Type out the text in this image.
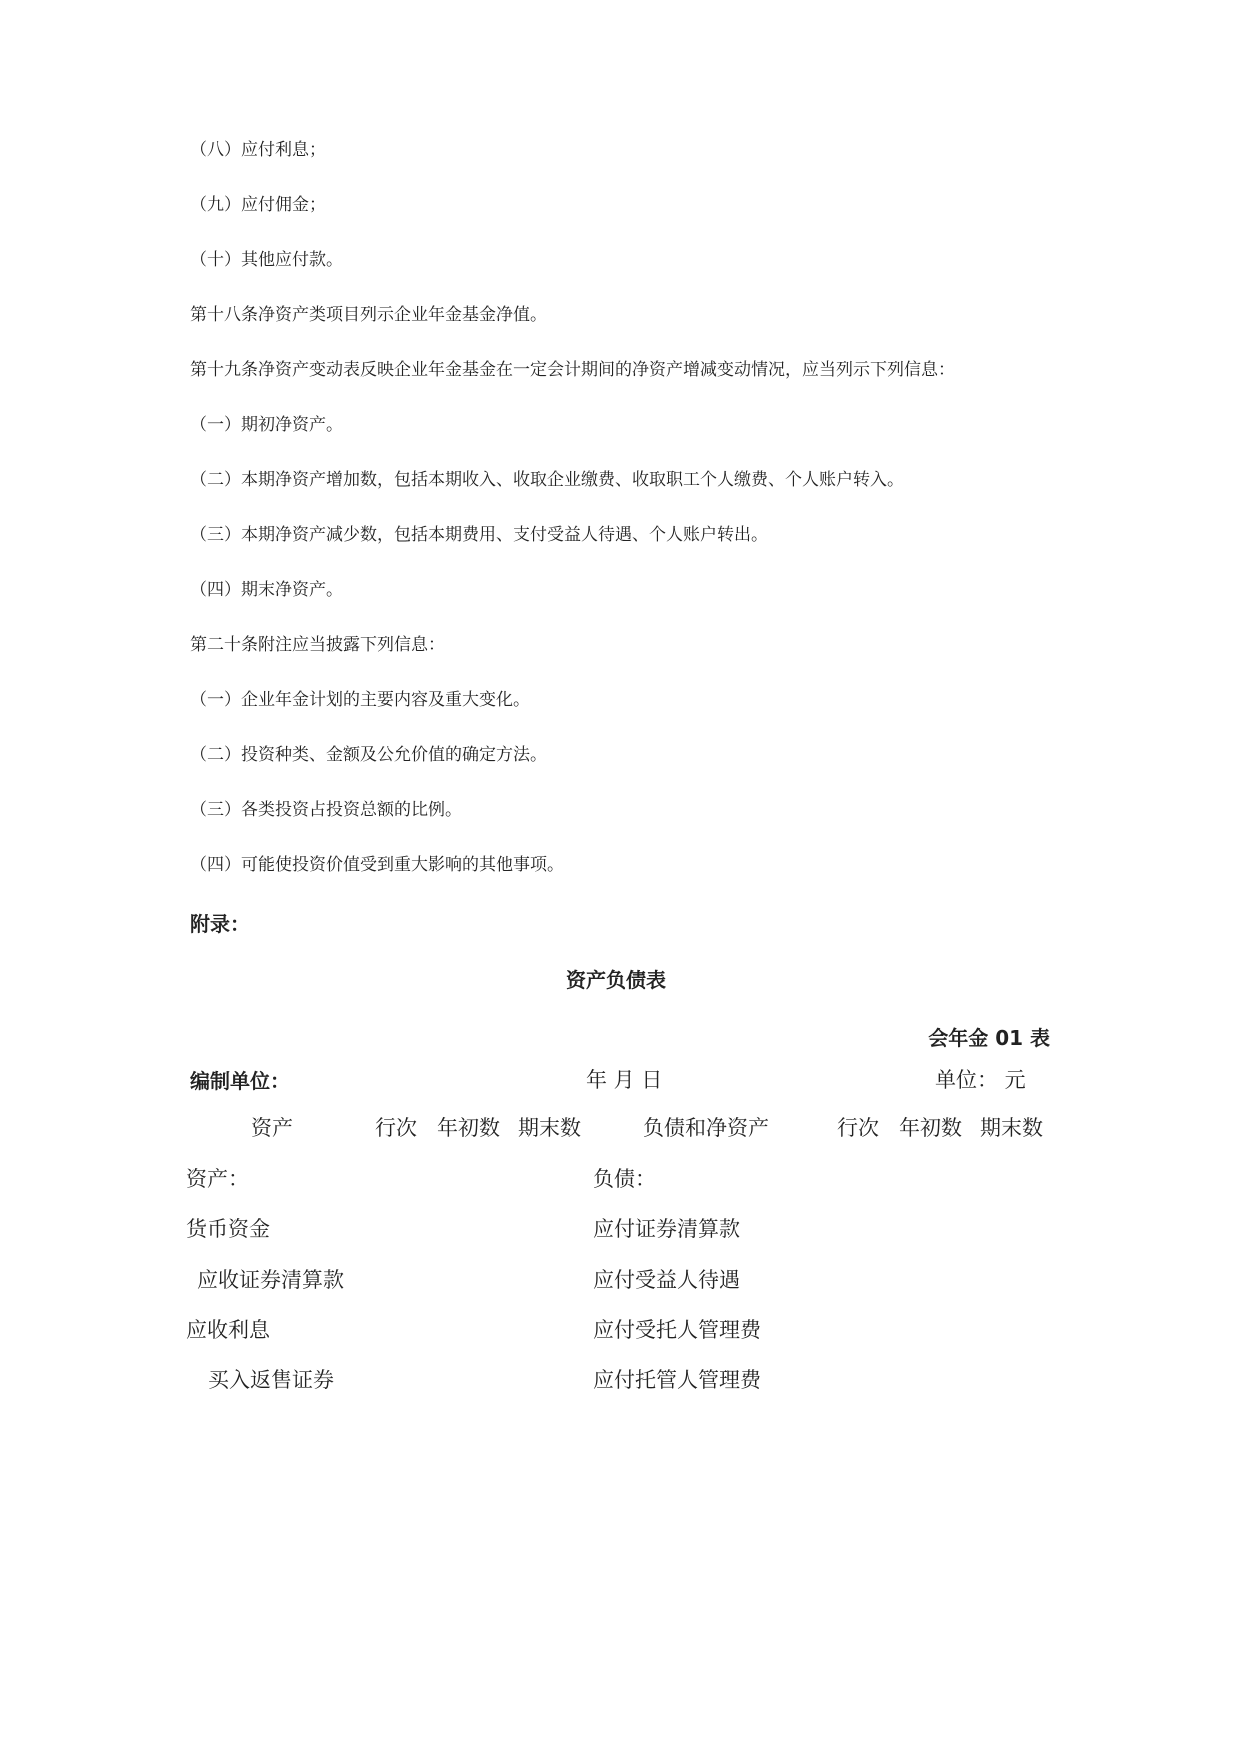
（八）应付利息；
（九）应付佣金；
（十）其他应付款。
第十八条净资产类项目列示企业年金基金净值。
第十九条净资产变动表反映企业年金基金在一定会计期间的净资产增减变动情况，应当列示下列信息：
（一）期初净资产。
（二）本期净资产增加数，包括本期收入、收取企业缴费、收取职工个人缴费、个人账户转入。
（三）本期净资产减少数，包括本期费用、支付受益人待遇、个人账户转出。
（四）期末净资产。
第二十条附注应当披露下列信息：
（一）企业年金计划的主要内容及重大变化。
（二）投资种类、金额及公允价值的确定方法。
（三）各类投资占投资总额的比例。
（四）可能使投资价值受到重大影响的其他事项。
附录：
资产负债表
会年金 01 表
编制单位：	年 月 日	单位： 元
资产	行次 年初数 期末数	负债和净资产	行次 年初数 期末数
资产：	负债：
货币资金	应付证券清算款
应收证券清算款	应付受益人待遇
应收利息	应付受托人管理费
买入返售证券	应付托管人管理费
